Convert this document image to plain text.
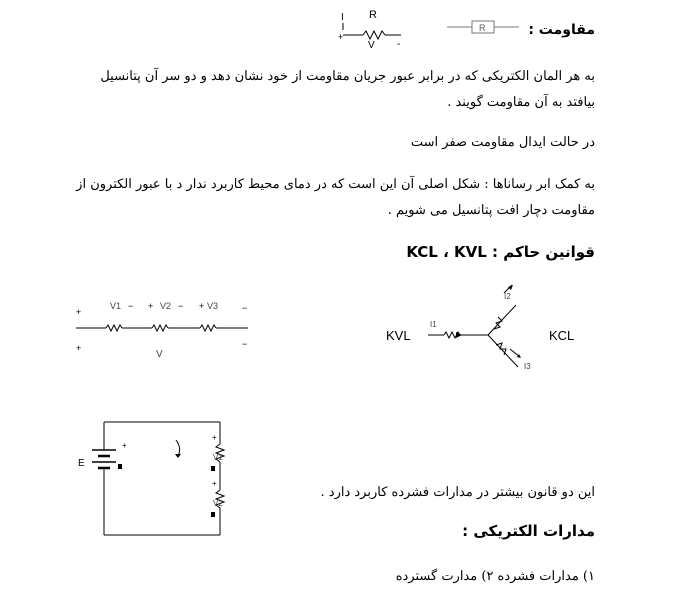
مقاومت :
I R
+
-
V
R
به هر المان الکتریکی که در برابر عبور جریان مقاومت از خود نشان دهد و دو سر آن پتانسیل بیافتد به آن مقاومت گویند .
در حالت ایدال مقاومت صفر است
به کمک ابر رساناها : شکل اصلی آن این است که در دمای محیط کاربرد ندار د با عبور الکترون از مقاومت دچار افت پتانسیل می شویم .
قوانین حاکم : KCL ، KVL
+
V1 − + V2 − + V3	−
+	−
V
KVL	KCL
I1
I2
I3
E
+
+
V1
+
V2
این دو قانون بیشتر در مدارات فشرده کاربرد دارد .
مدارات الکتریکی :
۱) مدارات فشرده ۲) مدارت گسترده
